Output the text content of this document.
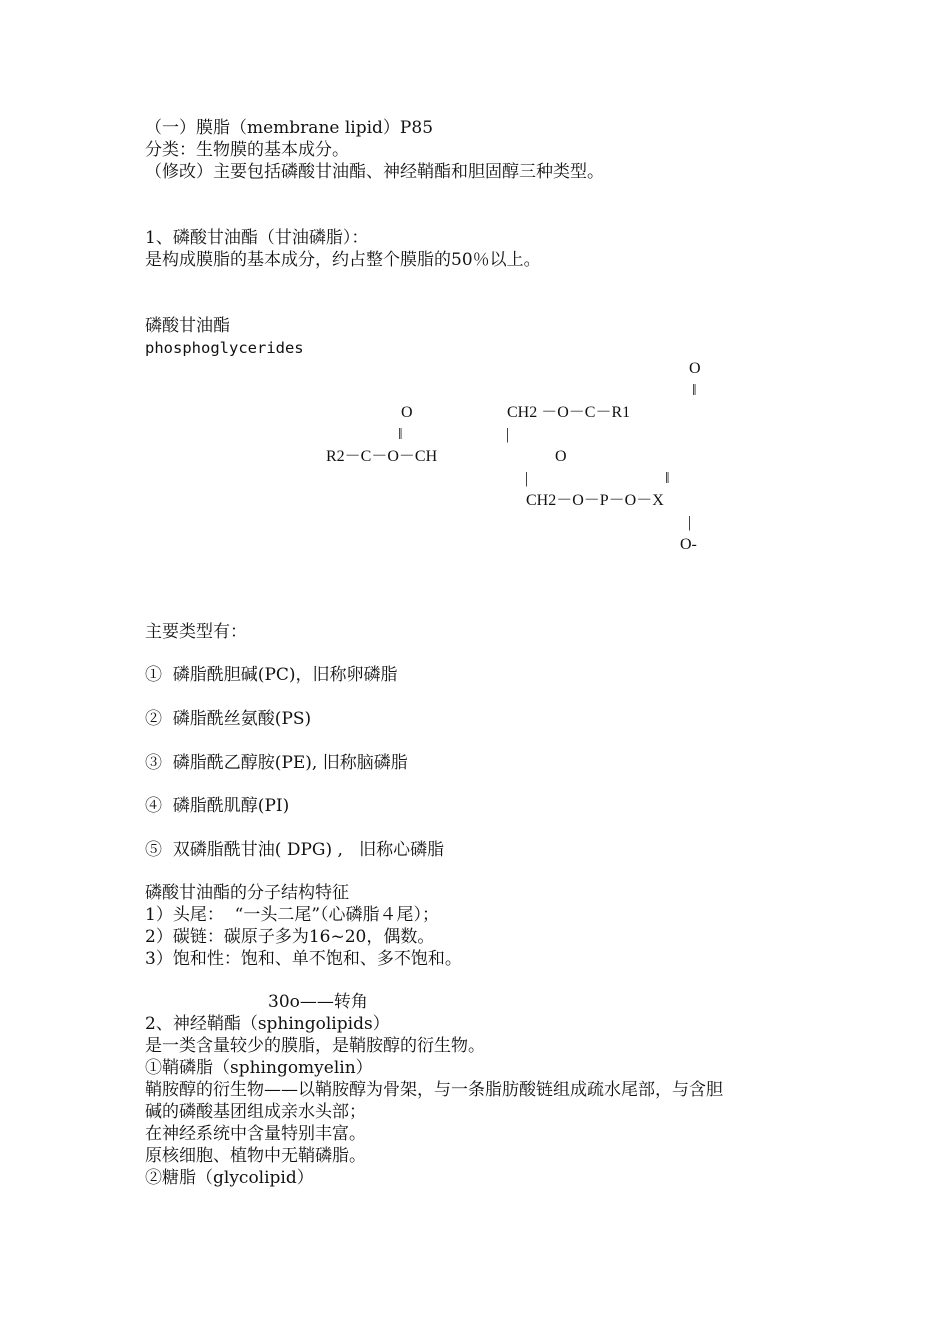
（一）膜脂（membrane lipid）P85
分类：生物膜的基本成分。
（修改）主要包括磷酸甘油酯、神经鞘酯和胆固醇三种类型。
1、磷酸甘油酯（甘油磷脂）：
是构成膜脂的基本成分，约占整个膜脂的50％以上。
磷酸甘油酯
phosphoglycerides
O
‖
O	CH2 －O－C－R1
‖	|
R2－C－O－CH	O
|	‖
CH2－O－P－O－X
|
O-
主要类型有：
①  磷脂酰胆碱(PC)，旧称卵磷脂
②  磷脂酰丝氨酸(PS)
③  磷脂酰乙醇胺(PE), 旧称脑磷脂
④  磷脂酰肌醇(PI)
⑤  双磷脂酰甘油( DPG) ,   旧称心磷脂
磷酸甘油酯的分子结构特征
1）头尾：  “一头二尾”（心磷脂４尾）；
2）碳链：碳原子多为16~20，偶数。
3）饱和性：饱和、单不饱和、多不饱和。
30o——转角
2、神经鞘酯（sphingolipids）
是一类含量较少的膜脂，是鞘胺醇的衍生物。
①鞘磷脂（sphingomyelin）
鞘胺醇的衍生物——以鞘胺醇为骨架，与一条脂肪酸链组成疏水尾部，与含胆
碱的磷酸基团组成亲水头部；
在神经系统中含量特别丰富。
原核细胞、植物中无鞘磷脂。
②糖脂（glycolipid）
